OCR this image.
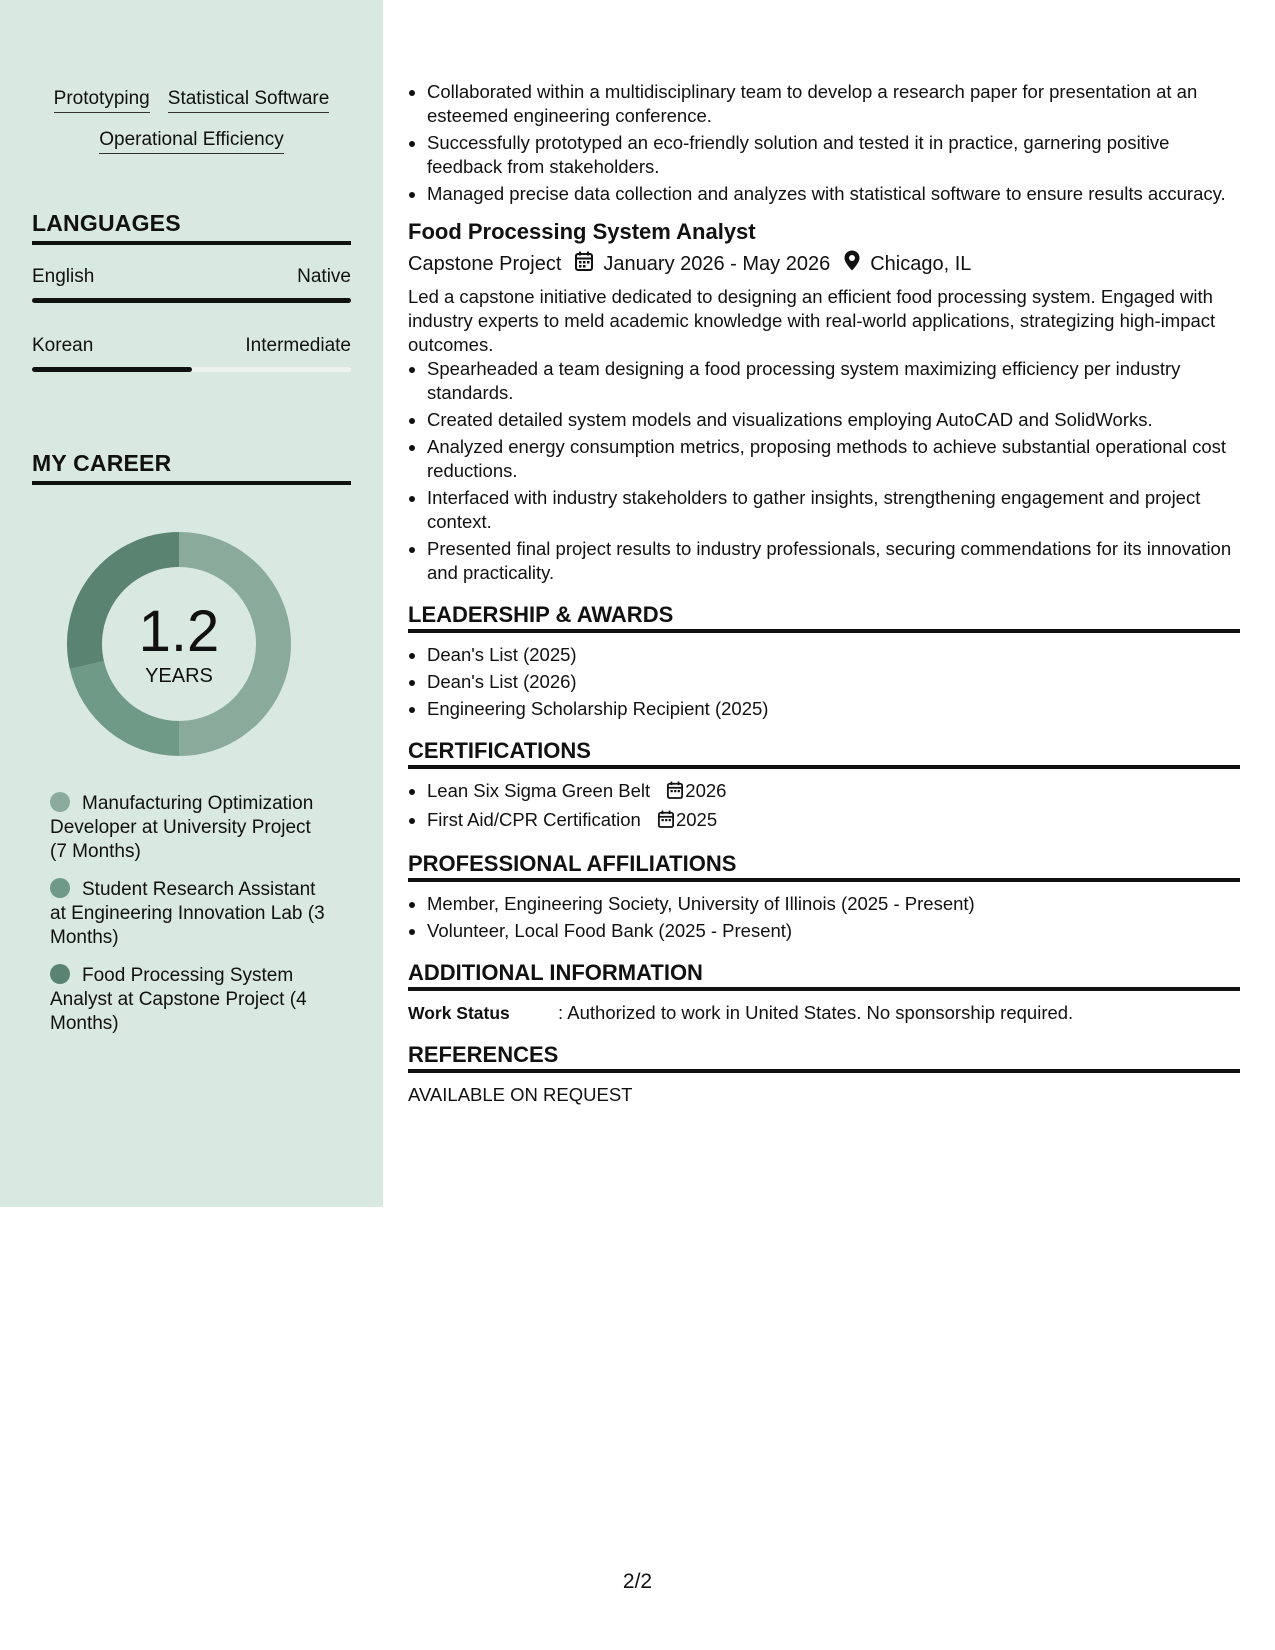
Prototyping Statistical Software
Operational Efficiency
LANGUAGES
English	Native
Korean	Intermediate
MY CAREER
1.2
YEARS
Manufacturing Optimization Developer at University Project (7 Months)
Student Research Assistant at Engineering Innovation Lab (3 Months)
Food Processing System Analyst at Capstone Project (4 Months)
• Collaborated within a multidisciplinary team to develop a research paper for presentation at an esteemed engineering conference.
• Successfully prototyped an eco-friendly solution and tested it in practice, garnering positive feedback from stakeholders.
• Managed precise data collection and analyzes with statistical software to ensure results accuracy.
Food Processing System Analyst
Capstone Project January 2026 - May 2026 Chicago, IL
Led a capstone initiative dedicated to designing an efficient food processing system. Engaged with industry experts to meld academic knowledge with real-world applications, strategizing high-impact outcomes.
• Spearheaded a team designing a food processing system maximizing efficiency per industry standards.
• Created detailed system models and visualizations employing AutoCAD and SolidWorks.
• Analyzed energy consumption metrics, proposing methods to achieve substantial operational cost reductions.
• Interfaced with industry stakeholders to gather insights, strengthening engagement and project context.
• Presented final project results to industry professionals, securing commendations for its innovation and practicality.
LEADERSHIP & AWARDS
• Dean's List (2025)
• Dean's List (2026)
• Engineering Scholarship Recipient (2025)
CERTIFICATIONS
• Lean Six Sigma Green Belt 2026
• First Aid/CPR Certification 2025
PROFESSIONAL AFFILIATIONS
• Member, Engineering Society, University of Illinois (2025 - Present)
• Volunteer, Local Food Bank (2025 - Present)
ADDITIONAL INFORMATION
Work Status	: Authorized to work in United States. No sponsorship required.
REFERENCES
AVAILABLE ON REQUEST
2/2
